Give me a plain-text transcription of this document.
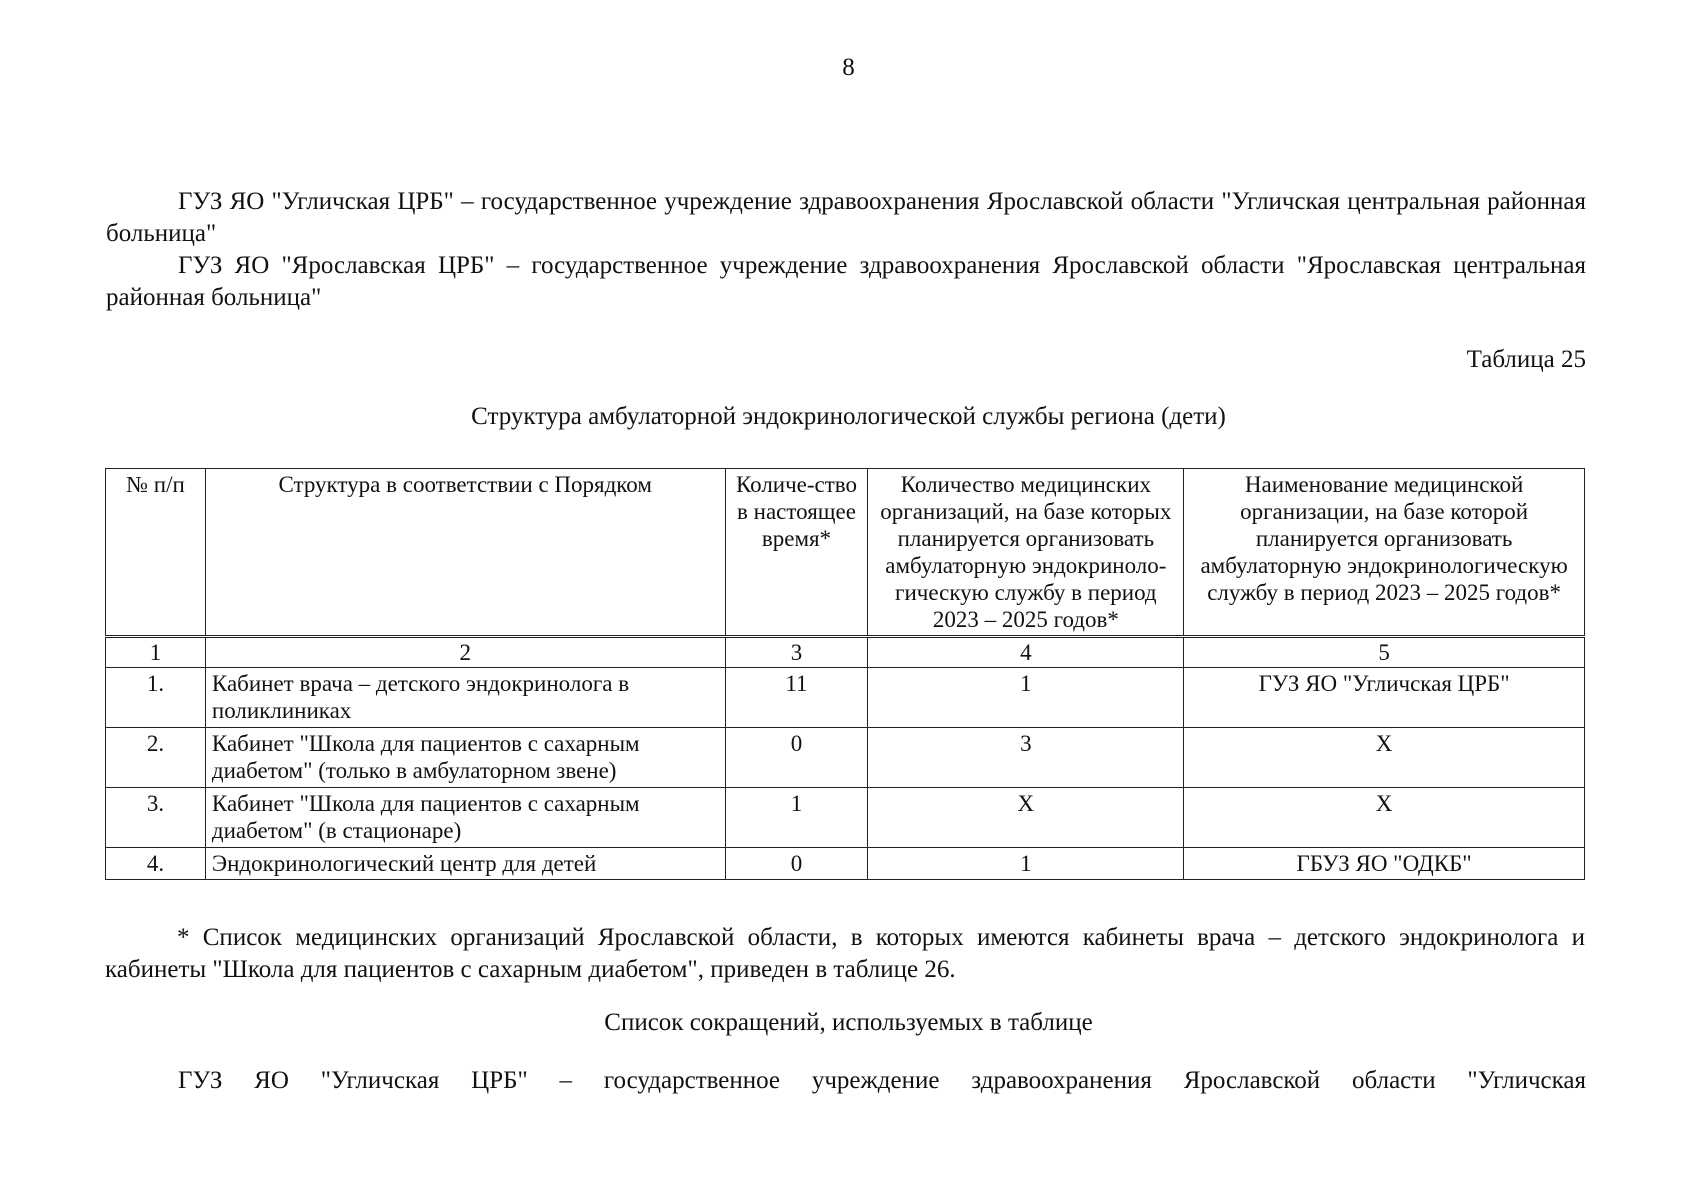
8
ГУЗ ЯО "Угличская ЦРБ" – государственное учреждение здравоохранения Ярославской области "Угличская центральная районная больница"
ГУЗ ЯО "Ярославская ЦРБ" – государственное учреждение здравоохранения Ярославской области "Ярославская центральная районная больница"
Таблица 25
Структура амбулаторной эндокринологической службы региона (дети)
№ п/п	Структура в соответствии с Порядком	Количе-ство в настоящее время*	Количество медицинских организаций, на базе которых планируется организовать амбулаторную эндокриноло-гическую службу в период 2023 – 2025 годов*	Наименование медицинской организации, на базе которой планируется организовать амбулаторную эндокринологическую службу в период 2023 – 2025 годов*
1	2	3	4	5
1.	Кабинет врача – детского эндокринолога в поликлиниках	11	1	ГУЗ ЯО "Угличская ЦРБ"
2.	Кабинет "Школа для пациентов с сахарным диабетом" (только в амбулаторном звене)	0	3	Х
3.	Кабинет "Школа для пациентов с сахарным диабетом" (в стационаре)	1	Х	Х
4.	Эндокринологический центр для детей	0	1	ГБУЗ ЯО "ОДКБ"
* Список медицинских организаций Ярославской области, в которых имеются кабинеты врача – детского эндокринолога и кабинеты "Школа для пациентов с сахарным диабетом", приведен в таблице 26.
Список сокращений, используемых в таблице
ГУЗ ЯО "Угличская ЦРБ" – государственное учреждение здравоохранения Ярославской области "Угличская
